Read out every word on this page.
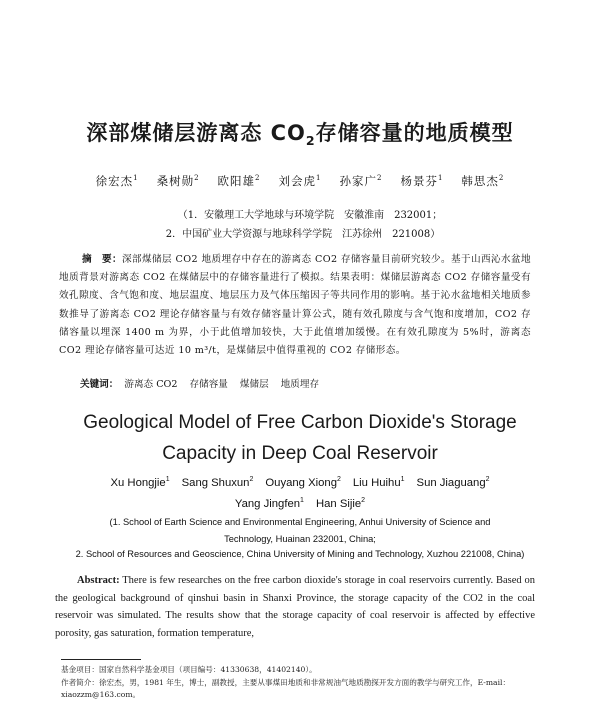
深部煤储层游离态 $CO_2$存储容量的地质模型
徐宏杰$^1$ 桑树勋$^2$ 欧阳雄$^2$ 刘会虎$^1$ 孙家广$^2$ 杨景芬$^1$ 韩思杰$^2$
（1．安徽理工大学地球与环境学院　安徽淮南　232001；
2．中国矿业大学资源与地球科学学院　江苏徐州　221008）
摘　要：深部煤储层 CO2 地质埋存中存在的游离态 CO2 存储容量目前研究较少。基于山西沁水盆地地质背景对游离态 CO2 在煤储层中的存储容量进行了模拟。结果表明：煤储层游离态 CO2 存储容量受有效孔隙度、含气饱和度、地层温度、地层压力及气体压缩因子等共同作用的影响。基于沁水盆地相关地质参数推导了游离态 CO2 理论存储容量与有效存储容量计算公式，随有效孔隙度与含气饱和度增加，CO2 存储容量以埋深 1400 m 为界，小于此值增加较快，大于此值增加缓慢。在有效孔隙度为 5%时，游离态 CO2 理论存储容量可达近 10 m³/t，是煤储层中值得重视的 CO2 存储形态。
关键词： 游离态 CO2 存储容量 煤储层 地质埋存
Geological Model of Free Carbon Dioxide's Storage
Capacity in Deep Coal Reservoir
Xu Hongjie$^1$ Sang Shuxun$^2$ Ouyang Xiong$^2$ Liu Huihu$^1$ Sun Jiaguang$^2$
Yang Jingfen$^1$ Han Sijie$^2$
(1. School of Earth Science and Environmental Engineering, Anhui University of Science and
Technology, Huainan 232001, China;
2. School of Resources and Geoscience, China University of Mining and Technology, Xuzhou 221008, China)
Abstract: There is few researches on the free carbon dioxide's storage in coal reservoirs currently. Based on the geological background of qinshui basin in Shanxi Province, the storage capacity of the CO2 in the coal reservoir was simulated. The results show that the storage capacity of coal reservoir is affected by effective porosity, gas saturation, formation temperature,
基金项目：国家自然科学基金项目（项目编号：41330638，41402140）。
作者简介：徐宏杰，男，1981 年生，博士，副教授，主要从事煤田地质和非常规油气地质勘探开发方面的教学与研究工作，E-mail：xiaozzm@163.com。
